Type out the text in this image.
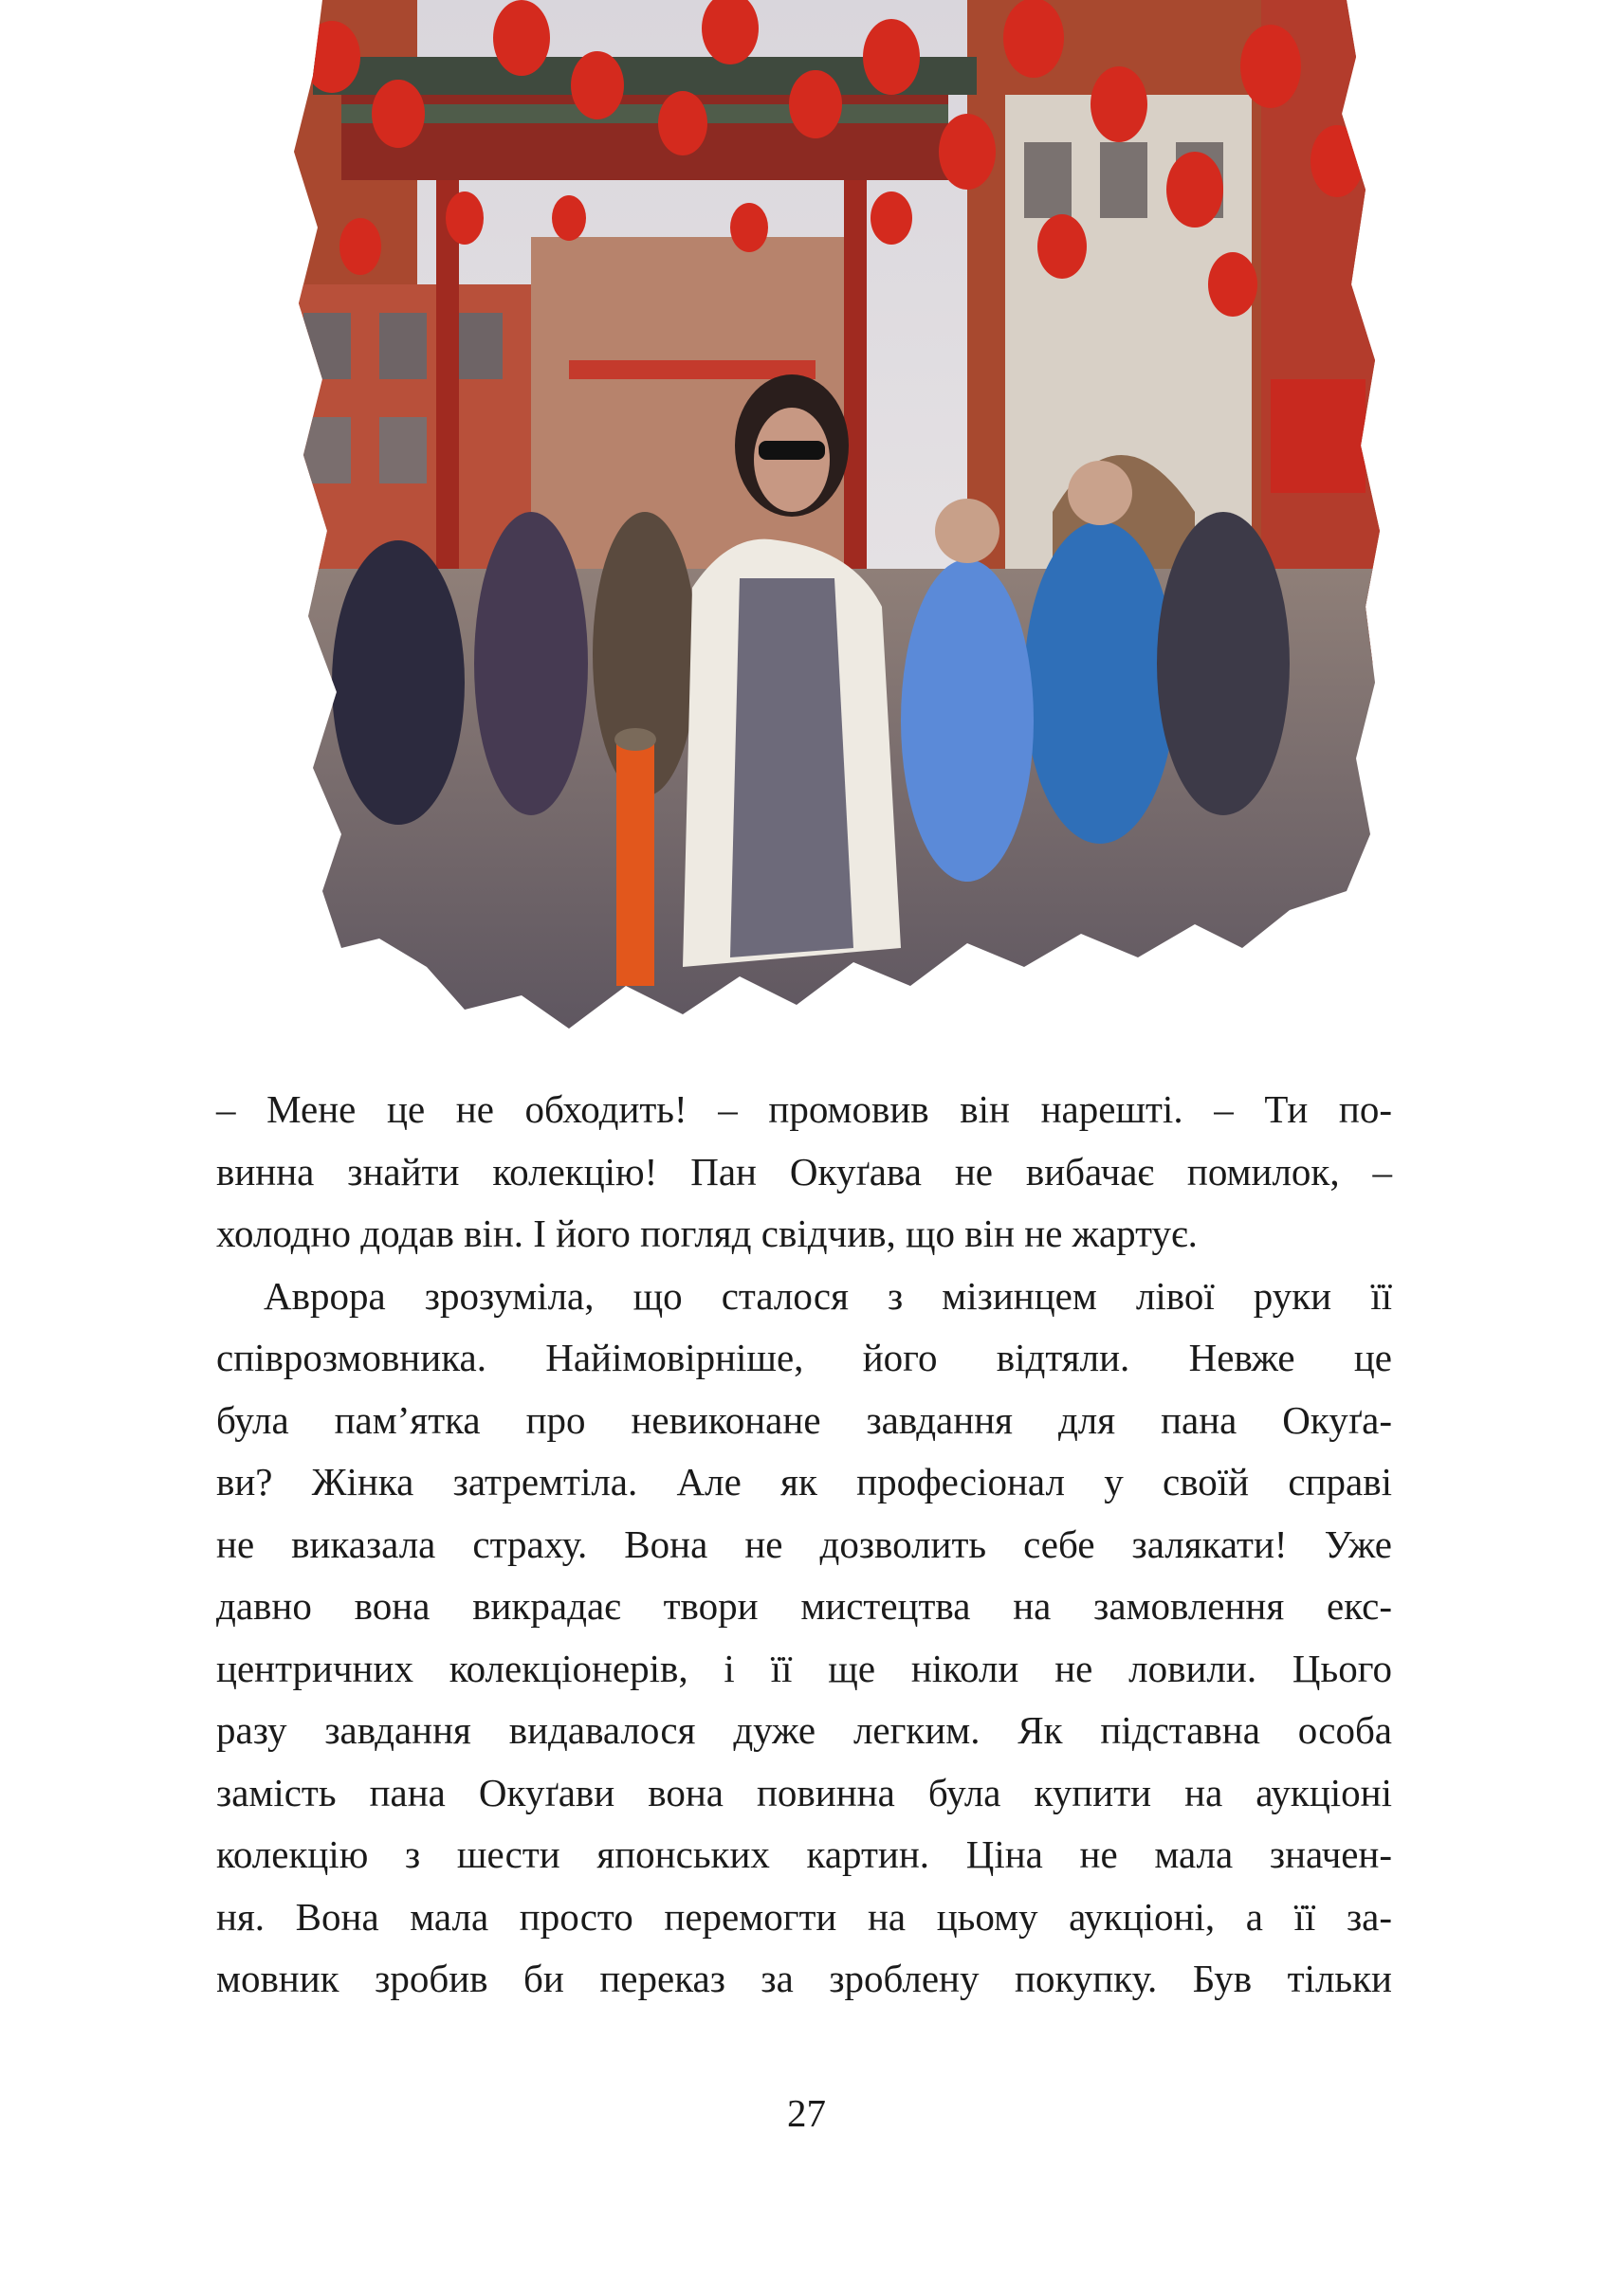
– Мене це не обходить! – промовив він нарешті. – Ти по-

винна знайти колекцію! Пан Окуґава не вибачає помилок, –

холодно додав він. І його погляд свідчив, що він не жартує.

Аврора зрозуміла, що сталося з мізинцем лівої руки її

співрозмовника. Найімовірніше, його відтяли. Невже це

була пам’ятка про невиконане завдання для пана Окуґа-

ви? Жінка затремтіла. Але як професіонал у своїй справі

не виказала страху. Вона не дозволить себе залякати! Уже

давно вона викрадає твори мистецтва на замовлення екс-

центричних колекціонерів, і її ще ніколи не ловили. Цього

разу завдання видавалося дуже легким. Як підставна особа

замість пана Окуґави вона повинна була купити на аукціоні

колекцію з шести японських картин. Ціна не мала значен-

ня. Вона мала просто перемогти на цьому аукціоні, а її за-

мовник зробив би переказ за зроблену покупку. Був тільки

27
